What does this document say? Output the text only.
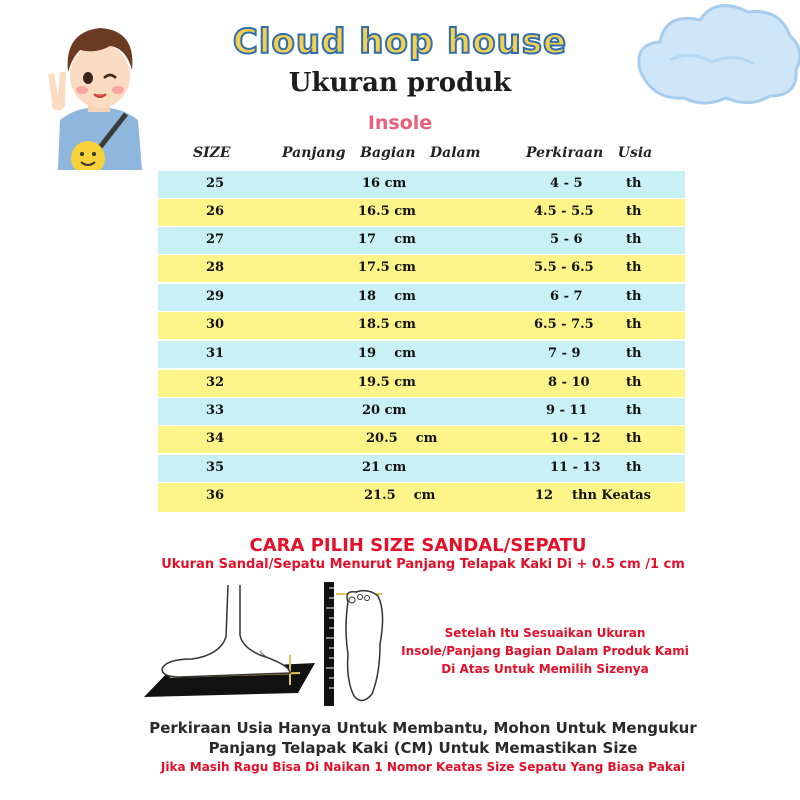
Cloud hop house
Ukuran produk
Insole
SIZE	Panjang   Bagian   Dalam	Perkiraan   Usia
25	16 cm	4 - 5	th
26	16.5 cm	4.5 - 5.5 th
27	17    cm	5 - 6	th
28	17.5 cm	5.5 - 6.5 th
29	18    cm	6 - 7	th
30	18.5 cm	6.5 - 7.5 th
31	19    cm	7 - 9	th
32	19.5 cm	8 - 10	th
33	20 cm	9 - 11	th
34	20.5    cm	10 - 12 th
35	21 cm	11 - 13 th
36	21.5    cm	12 thn Keatas
CARA PILIH SIZE SANDAL/SEPATU
Ukuran Sandal/Sepatu Menurut Panjang Telapak Kaki Di + 0.5 cm /1 cm
Setelah Itu Sesuaikan Ukuran
Insole/Panjang Bagian Dalam Produk Kami
Di Atas Untuk Memilih Sizenya
Perkiraan Usia Hanya Untuk Membantu, Mohon Untuk Mengukur
Panjang Telapak Kaki (CM) Untuk Memastikan Size
Jika Masih Ragu Bisa Di Naikan 1 Nomor Keatas Size Sepatu Yang Biasa Pakai
